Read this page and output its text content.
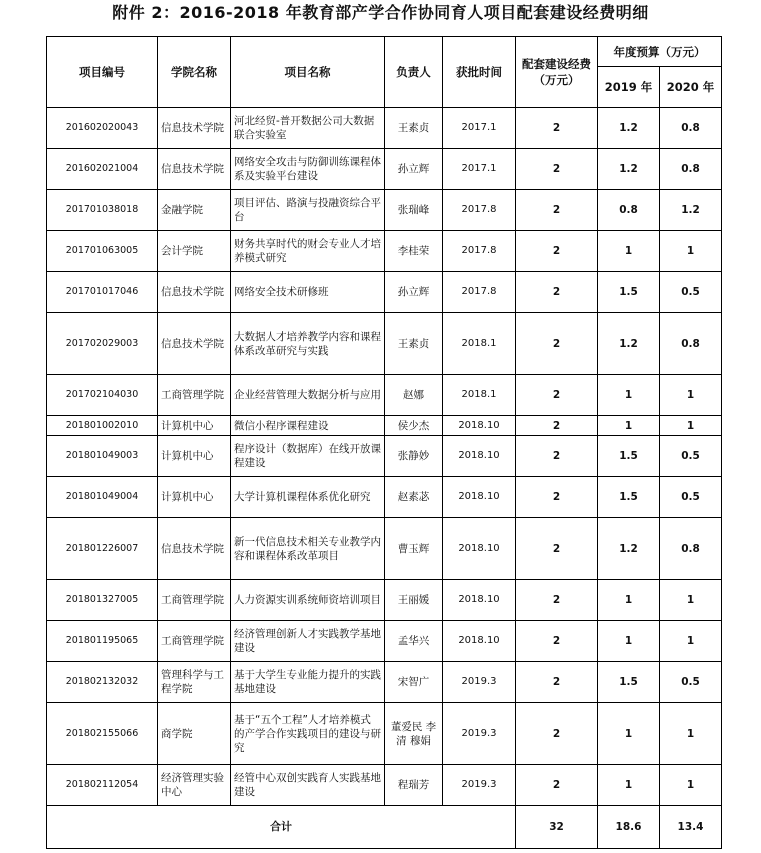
附件 2：2016-2018 年教育部产学合作协同育人项目配套建设经费明细
项目编号	学院名称	项目名称	负责人	获批时间	配套建设经费（万元）	年度预算（万元）	
						2019 年	2020 年
201602020043	信息技术学院	河北经贸-普开数据公司大数据联合实验室	王素贞	2017.1	2	1.2	0.8
201602021004	信息技术学院	网络安全攻击与防御训练课程体系及实验平台建设	孙立辉	2017.1	2	1.2	0.8
201701038018	金融学院	项目评估、路演与投融资综合平台	张瑞峰	2017.8	2	0.8	1.2
201701063005	会计学院	财务共享时代的财会专业人才培养模式研究	李桂荣	2017.8	2	1	1
201701017046	信息技术学院	网络安全技术研修班	孙立辉	2017.8	2	1.5	0.5
201702029003	信息技术学院	大数据人才培养教学内容和课程体系改革研究与实践	王素贞	2018.1	2	1.2	0.8
201702104030	工商管理学院	企业经营管理大数据分析与应用	赵娜	2018.1	2	1	1
201801002010	计算机中心	微信小程序课程建设	侯少杰	2018.10	2	1	1
201801049003	计算机中心	程序设计（数据库）在线开放课程建设	张静妙	2018.10	2	1.5	0.5
201801049004	计算机中心	大学计算机课程体系优化研究	赵素苾	2018.10	2	1.5	0.5
201801226007	信息技术学院	新一代信息技术相关专业教学内容和课程体系改革项目	曹玉辉	2018.10	2	1.2	0.8
201801327005	工商管理学院	人力资源实训系统师资培训项目	王丽媛	2018.10	2	1	1
201801195065	工商管理学院	经济管理创新人才实践教学基地建设	孟华兴	2018.10	2	1	1
201802132032	管理科学与工程学院	基于大学生专业能力提升的实践基地建设	宋智广	2019.3	2	1.5	0.5
201802155066	商学院	基于“五个工程”人才培养模式的产学合作实践项目的建设与研究	董爱民 李清 穆娟	2019.3	2	1	1
201802112054	经济管理实验中心	经管中心双创实践育人实践基地建设	程瑞芳	2019.3	2	1	1
合计					32	18.6	13.4
